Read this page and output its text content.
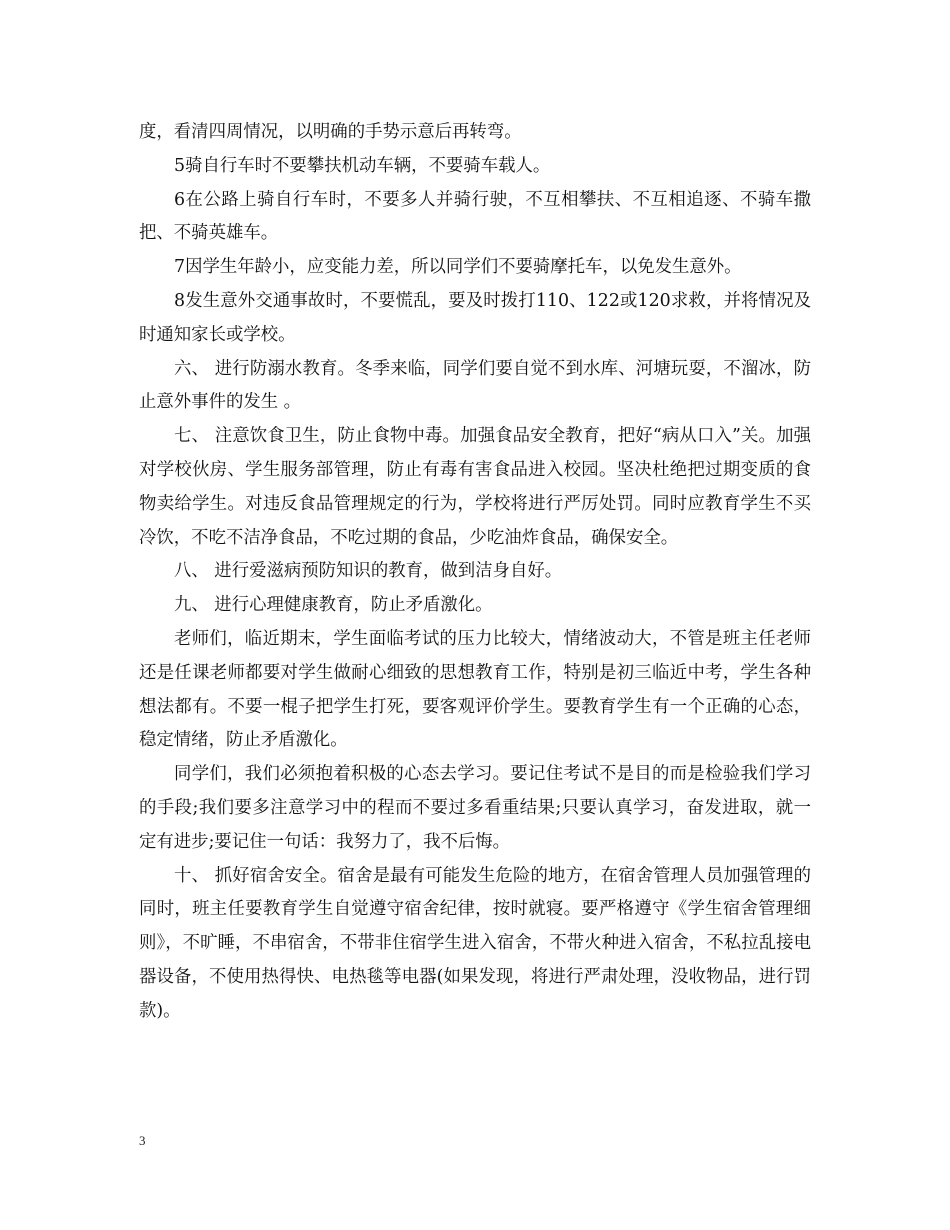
度，看清四周情况，以明确的手势示意后再转弯。

5骑自行车时不要攀扶机动车辆，不要骑车载人。

6在公路上骑自行车时，不要多人并骑行驶，不互相攀扶、不互相追逐、不骑车撒把、不骑英雄车。

7因学生年龄小，应变能力差，所以同学们不要骑摩托车，以免发生意外。

8发生意外交通事故时，不要慌乱，要及时拨打110、122或120求救，并将情况及时通知家长或学校。

六、 进行防溺水教育。冬季来临，同学们要自觉不到水库、河塘玩耍，不溜冰，防止意外事件的发生 。

七、 注意饮食卫生，防止食物中毒。加强食品安全教育，把好“病从口入”关。加强对学校伙房、学生服务部管理，防止有毒有害食品进入校园。坚决杜绝把过期变质的食物卖给学生。对违反食品管理规定的行为，学校将进行严厉处罚。同时应教育学生不买冷饮，不吃不洁净食品，不吃过期的食品，少吃油炸食品，确保安全。

八、 进行爱滋病预防知识的教育，做到洁身自好。

九、 进行心理健康教育，防止矛盾激化。

老师们，临近期末，学生面临考试的压力比较大，情绪波动大，不管是班主任老师还是任课老师都要对学生做耐心细致的思想教育工作，特别是初三临近中考，学生各种想法都有。不要一棍子把学生打死，要客观评价学生。要教育学生有一个正确的心态，稳定情绪，防止矛盾激化。

同学们，我们必须抱着积极的心态去学习。要记住考试不是目的而是检验我们学习的手段;我们要多注意学习中的程而不要过多看重结果;只要认真学习，奋发进取，就一定有进步;要记住一句话：我努力了，我不后悔。

十、 抓好宿舍安全。宿舍是最有可能发生危险的地方，在宿舍管理人员加强管理的同时，班主任要教育学生自觉遵守宿舍纪律，按时就寝。要严格遵守《学生宿舍管理细则》，不旷睡，不串宿舍，不带非住宿学生进入宿舍，不带火种进入宿舍，不私拉乱接电器设备，不使用热得快、电热毯等电器(如果发现，将进行严肃处理，没收物品，进行罚款)。

3
